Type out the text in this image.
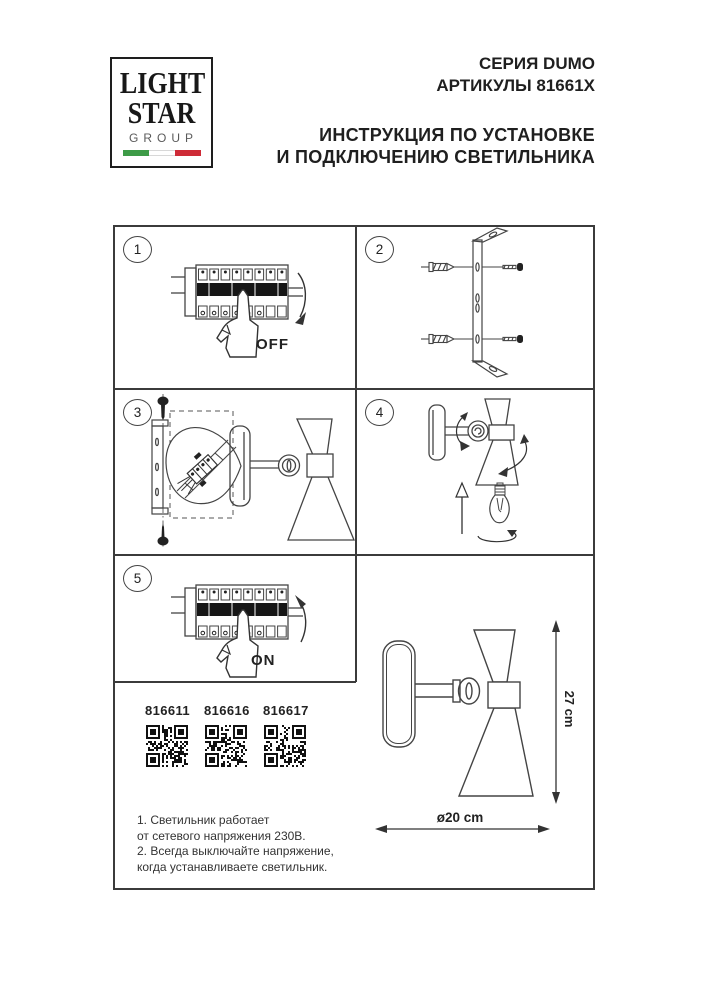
LIGHT
STAR
GROUP
СЕРИЯ DUMO
АРТИКУЛЫ 81661X
ИНСТРУКЦИЯ ПО УСТАНОВКЕ
И ПОДКЛЮЧЕНИЮ СВЕТИЛЬНИКА
OFF
1	2
3	4
ON
5
816611 816616 816617
1. Светильник работает
от сетевого напряжения 230В.
2. Всегда выключайте напряжение,
когда устанавливаете светильник.
27 cm
ø20 cm
